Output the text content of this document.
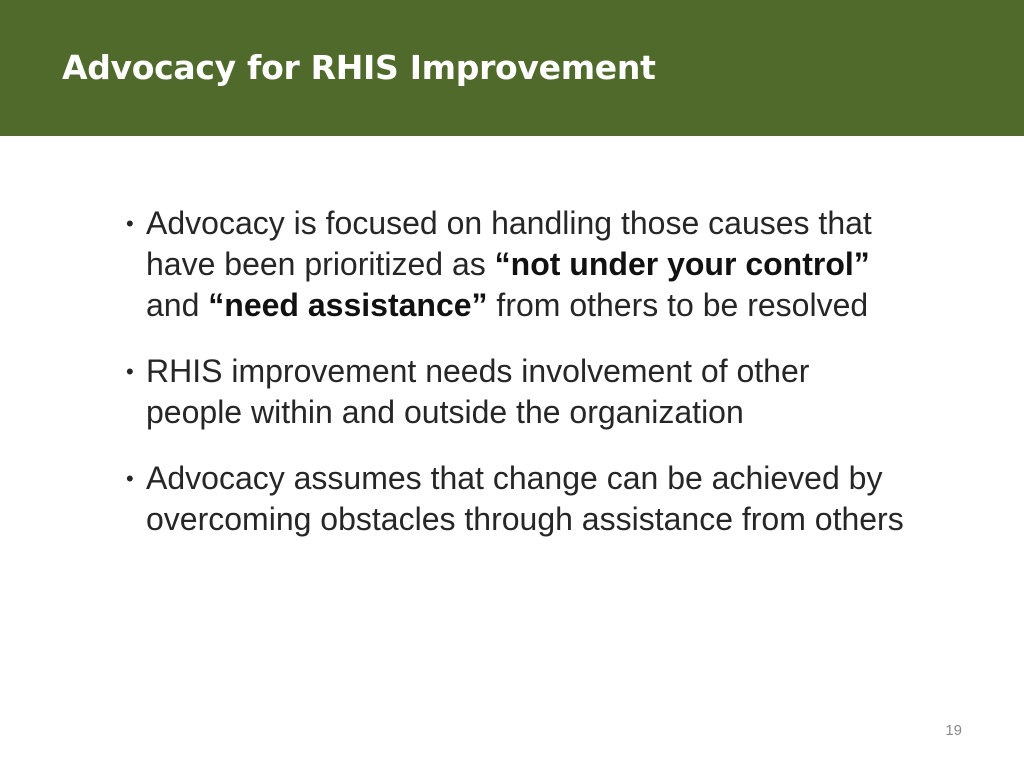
Advocacy for RHIS Improvement
• Advocacy is focused on handling those causes that have been prioritized as “not under your control” and “need assistance” from others to be resolved
• RHIS improvement needs involvement of other people within and outside the organization
• Advocacy assumes that change can be achieved by overcoming obstacles through assistance from others
19
